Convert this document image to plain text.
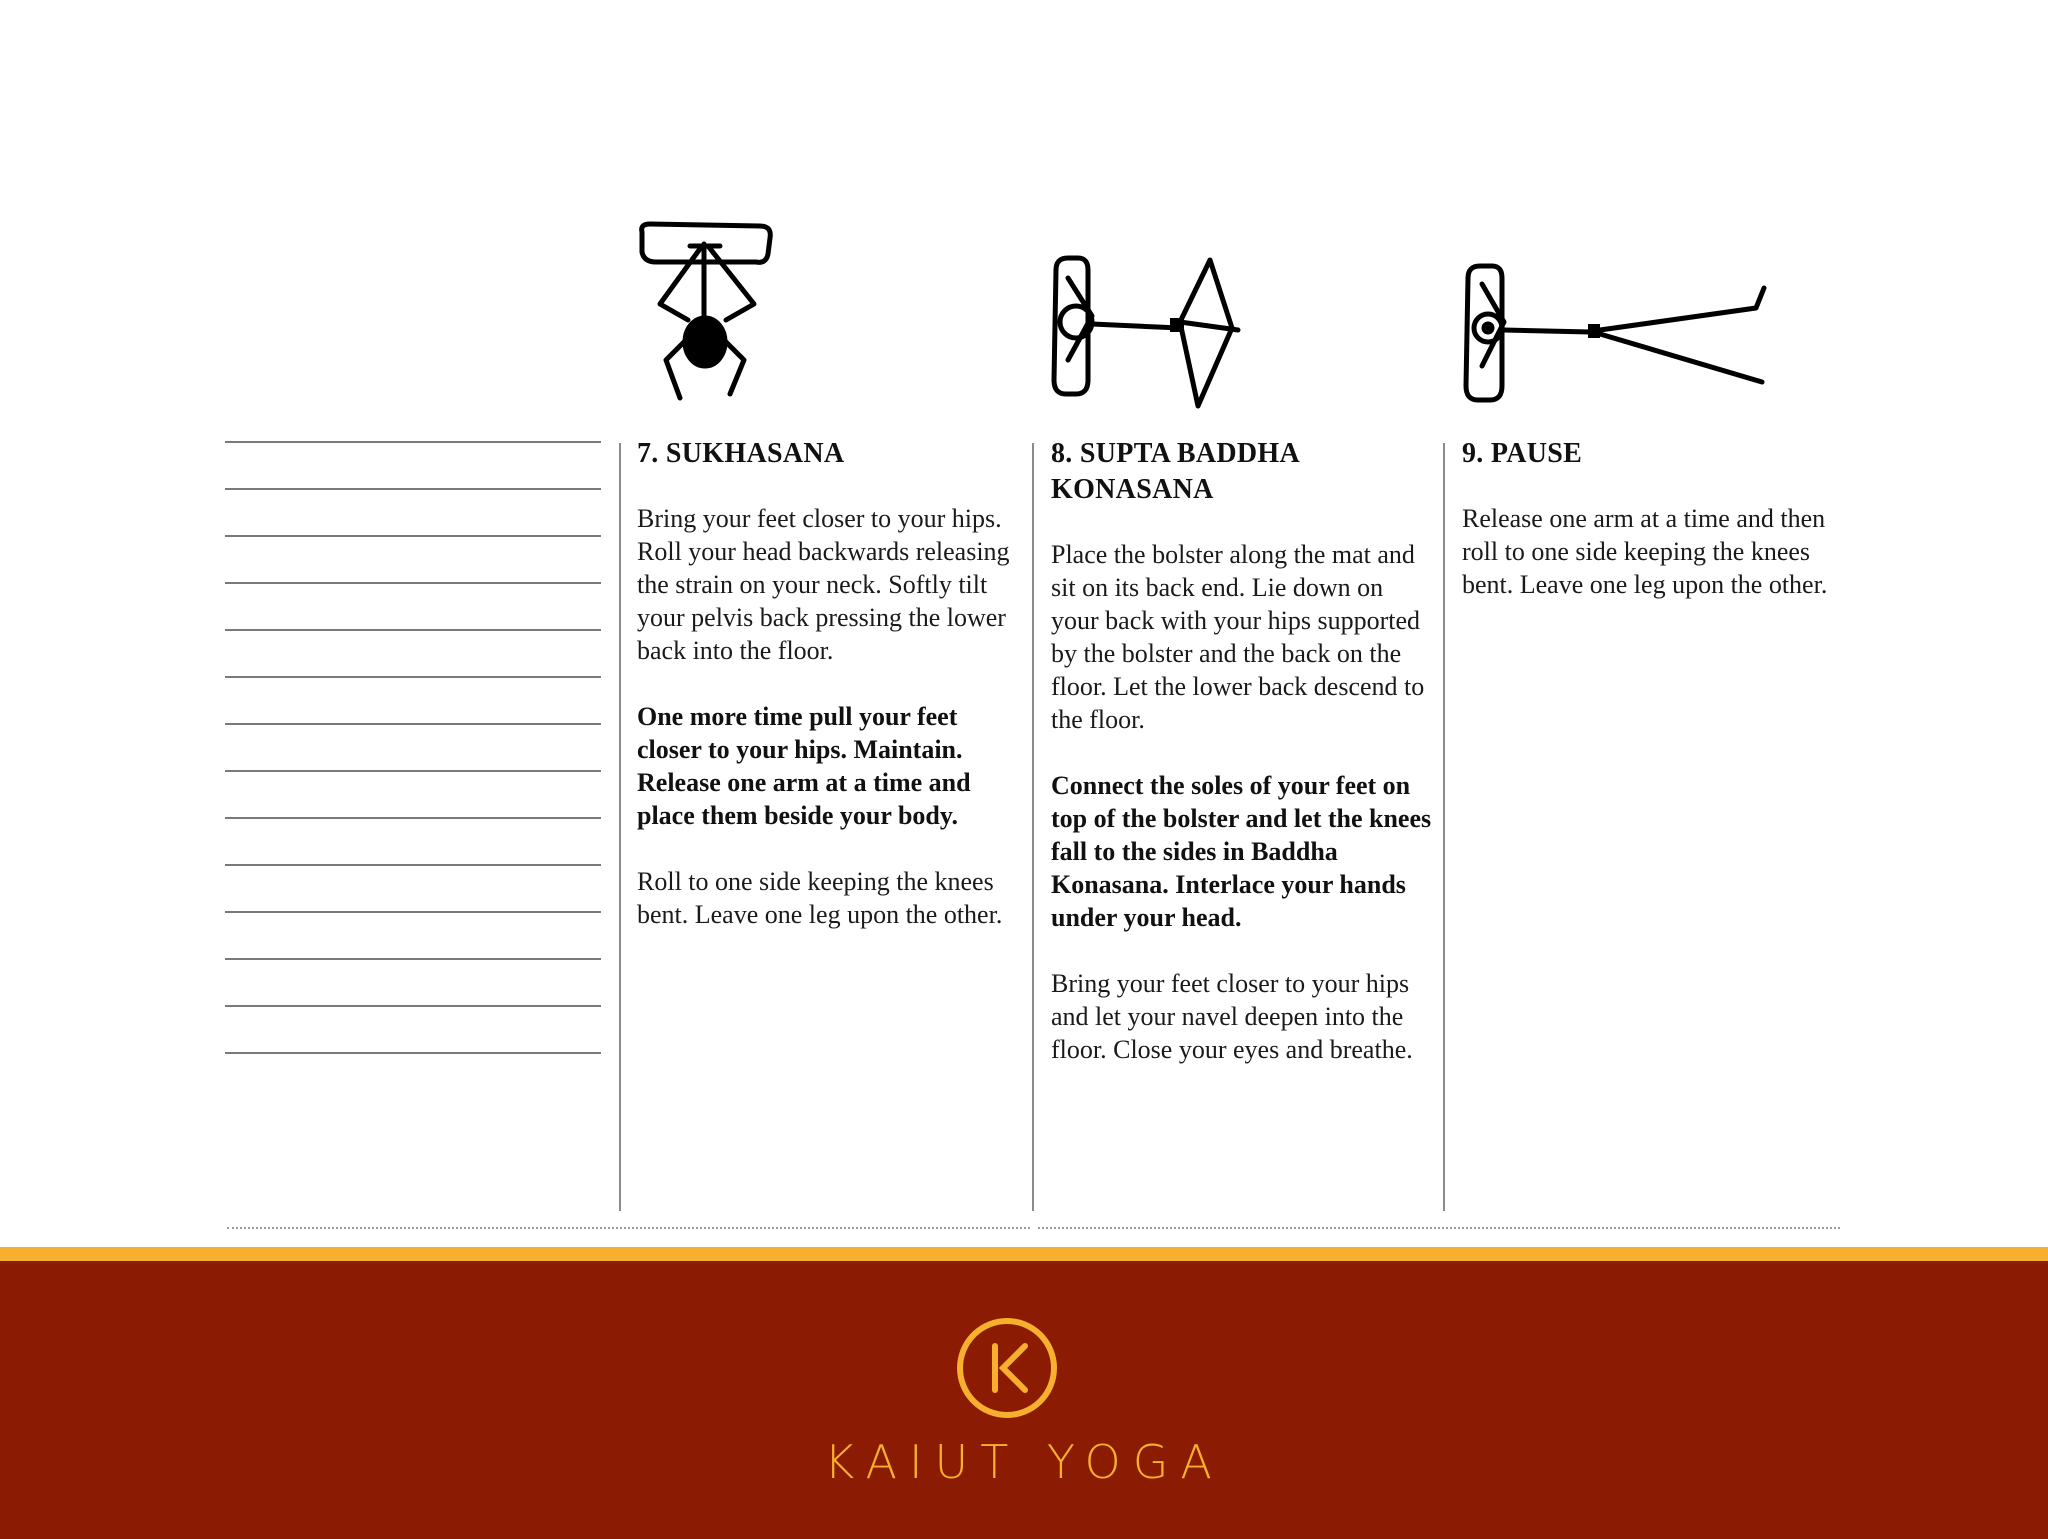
7. SUKHASANA

Bring your feet closer to your hips. Roll your head backwards releasing the strain on your neck. Softly tilt your pelvis back pressing the lower back into the floor.

One more time pull your feet closer to your hips. Maintain. Release one arm at a time and place them beside your body.

Roll to one side keeping the knees bent. Leave one leg upon the other.

8. SUPTA BADDHA KONASANA

Place the bolster along the mat and sit on its back end. Lie down on your back with your hips supported by the bolster and the back on the floor. Let the lower back descend to the floor.

Connect the soles of your feet on top of the bolster and let the knees fall to the sides in Baddha Konasana. Interlace your hands under your head.

Bring your feet closer to your hips and let your navel deepen into the floor. Close your eyes and breathe.

9. PAUSE

Release one arm at a time and then roll to one side keeping the knees bent. Leave one leg upon the other.

KAIUT YOGA
